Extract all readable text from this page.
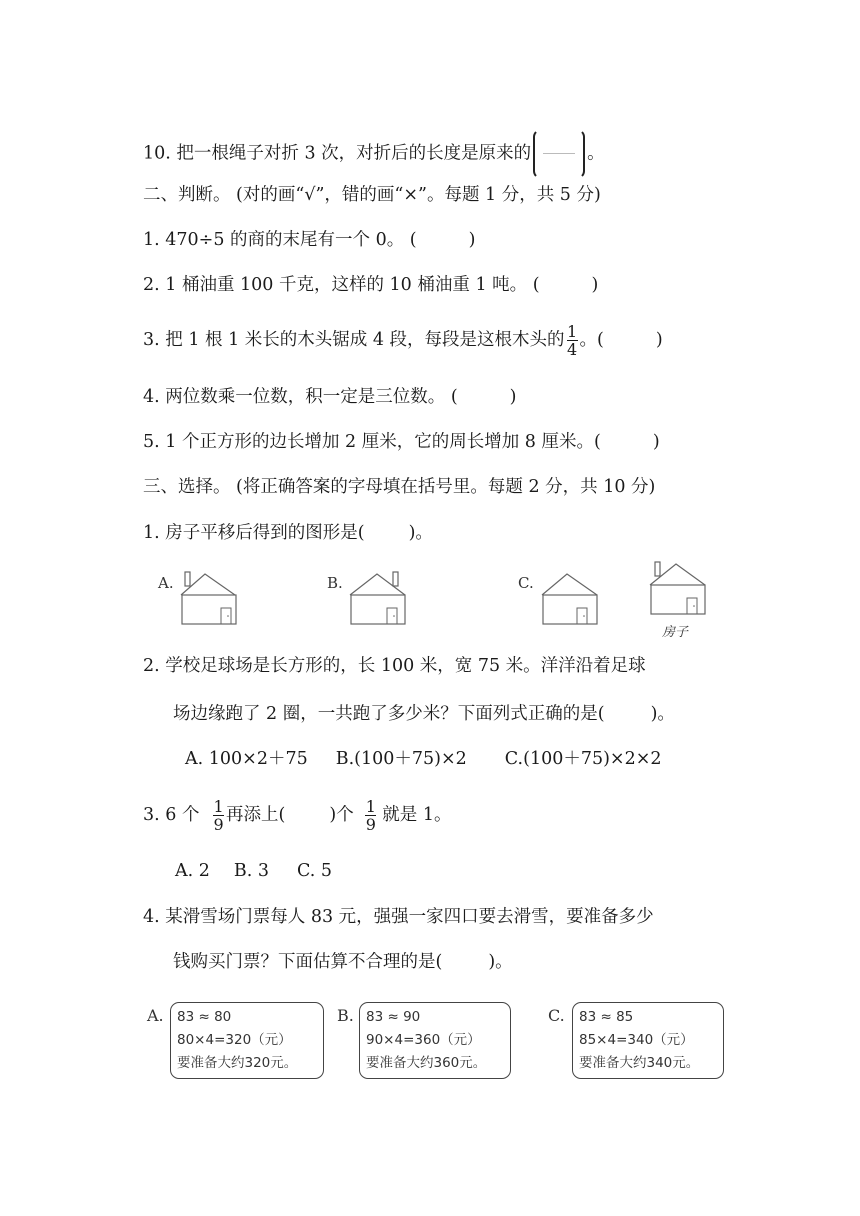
10. 把一根绳子对折 3 次，对折后的长度是原来的	。
二、判断。 (对的画“√”，错的画“×”。每题 1 分，共 5 分)
1. 470÷5 的商的末尾有一个 0。 (	)
2. 1 桶油重 100 千克，这样的 10 桶油重 1 吨。 (	)
3. 把 1 根 1 米长的木头锯成 4 段，每段是这根木头的 $\frac{1}{4}$ 。(	)
4. 两位数乘一位数，积一定是三位数。 (	)
5. 1 个正方形的边长增加 2 厘米，它的周长增加 8 厘米。(	)
三、选择。 (将正确答案的字母填在括号里。每题 2 分，共 10 分)
1. 房子平移后得到的图形是(	)。
A.	B.	C.
房子
2. 学校足球场是长方形的，长 100 米，宽 75 米。洋洋沿着足球
场边缘跑了 2 圈，一共跑了多少米？下面列式正确的是(	)。
A. 100×2＋75 B.(100＋75)×2 C.(100＋75)×2×2
3. 6 个 $\frac{1}{9}$ 再添上(	)个 $\frac{1}{9}$ 就是 1。
A. 2 B. 3 C. 5
4. 某滑雪场门票每人 83 元，强强一家四口要去滑雪，要准备多少
钱购买门票？下面估算不合理的是(	)。
A. 83 ≈ 80
80×4=320（元）
要准备大约320元。
B. 83 ≈ 90
90×4=360（元）
要准备大约360元。
C. 83 ≈ 85
85×4=340（元）
要准备大约340元。
